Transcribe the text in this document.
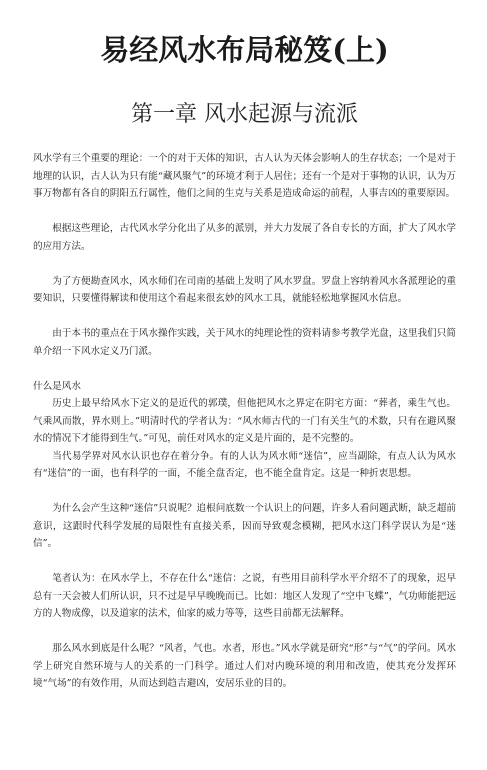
易经风水布局秘笈(上)
第一章 风水起源与流派

风水学有三个重要的理论：一个的对于天体的知识，古人认为天体会影响人的生存状态；一个是对于地理的认识，古人认为只有能“藏风聚气”的环境才利于人居住；还有一个是对于事物的认识，认为万事万物都有各自的阴阳五行属性，他们之间的生克与关系是造成命运的前程，人事吉凶的重要原因。

根据这些理论，古代风水学分化出了从多的派别，并大力发展了各自专长的方面，扩大了风水学的应用方法。

为了方便勘查风水，风水师们在司南的基础上发明了风水罗盘。罗盘上容纳着风水各派理论的重要知识，只要懂得解读和使用这个看起来很玄妙的风水工具，就能轻松地掌握风水信息。

由于本书的重点在于风水操作实践，关于风水的纯理论性的资料请参考教学光盘，这里我们只简单介绍一下风水定义乃门派。

什么是风水

历史上最早给风水下定义的是近代的郭璞，但他把风水之界定在阴宅方面：“葬者，乘生气也。气乘风而散，界水则上。”明清时代的学者认为：“风水师古代的一门有关生气的术数，只有在避风聚水的情况下才能得到生气。”可见，前任对风水的定义是片面的，是不完整的。

当代易学界对风水认识也存在着分争。有的人认为风水师“迷信”，应当副除，有点人认为风水有“迷信”的一面，也有科学的一面，不能全盘否定，也不能全盘肯定。这是一种折衷思想。

为什么会产生这种“迷信”只说呢？追根问底数一个认识上的问题，许多人看问题武断，缺乏超前意识，这跟时代科学发展的局限性有直接关系，因而导致观念模糊，把风水这门科学误认为是“迷信”。

笔者认为：在风水学上，不存在什么“迷信：之说，有些用目前科学水平介绍不了的现象，迟早总有一天会被人们所认识，只不过是早早晚晚而已。比如：地区人发现了“空中飞蝶”，气功师能把远方的人物成像，以及道家的法术，仙家的威力等等，这些目前都无法解释。

那么风水到底是什么呢？“风者，气也。水者，形也。”风水学就是研究“形”与“气”的学问。风水学上研究自然环境与人的关系的一门科学。通过人们对内晚环境的利用和改造，使其充分发挥环境“气场”的有效作用，从而达到趋吉避凶，安居乐业的目的。
